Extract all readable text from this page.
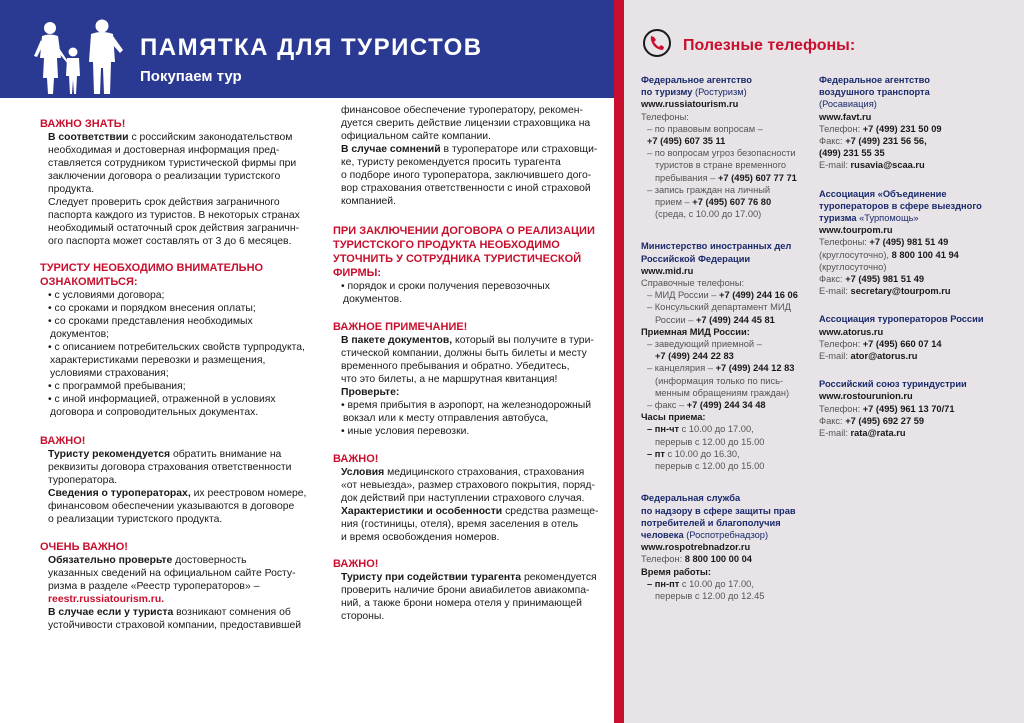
ПАМЯТКА ДЛЯ ТУРИСТОВ
Покупаем тур

ВАЖНО ЗНАТЬ!

В соответствии с российским законодательством

необходимая и достоверная информация пред-

ставляется сотрудником туристической фирмы при

заключении договора о реализации туристского

продукта.

Следует проверить срок действия заграничного

паспорта каждого из туристов. В некоторых странах

необходимый остаточный срок действия заграничн-

ого паспорта может составлять от 3 до 6 месяцев.

ТУРИСТУ НЕОБХОДИМО ВНИМАТЕЛЬНО

ОЗНАКОМИТЬСЯ:

• с условиями договора;

• со сроками и порядком внесения оплаты;

• со сроками представления необходимых

документов;

• с описанием потребительских свойств турпродукта,

характеристиками перевозки и размещения,

условиями страхования;

• с программой пребывания;

• с иной информацией, отраженной в условиях

договора и сопроводительных документах.

ВАЖНО!

Туристу рекомендуется обратить внимание на

реквизиты договора страхования ответственности

туроператора.

Сведения о туроператорах, их реестровом номере,

финансовом обеспечении указываются в договоре

о реализации туристского продукта.

ОЧЕНЬ ВАЖНО!

Обязательно проверьте достоверность

указанных сведений на официальном сайте Росту-

ризма в разделе «Реестр туроператоров» –

reestr.russiatourism.ru.

В случае если у туриста возникают сомнения об

устойчивости страховой компании, предоставившей

финансовое обеспечение туроператору, рекомен-

дуется сверить действие лицензии страховщика на

официальном сайте компании.

В случае сомнений в туроператоре или страховщи-

ке, туристу рекомендуется просить турагента

о подборе иного туроператора, заключившего дого-

вор страхования ответственности с иной страховой

компанией.

ПРИ ЗАКЛЮЧЕНИИ ДОГОВОРА О РЕАЛИЗАЦИИ

ТУРИСТСКОГО ПРОДУКТА НЕОБХОДИМО

УТОЧНИТЬ У СОТРУДНИКА ТУРИСТИЧЕСКОЙ

ФИРМЫ:

• порядок и сроки получения перевозочных

документов.

ВАЖНОЕ ПРИМЕЧАНИЕ!

В пакете документов, который вы получите в тури-

стической компании, должны быть билеты и месту

временного пребывания и обратно. Убедитесь,

что это билеты, а не маршрутная квитанция!

Проверьте:

• время прибытия в аэропорт, на железнодорожный

вокзал или к месту отправления автобуса,

• иные условия перевозки.

ВАЖНО!

Условия медицинского страхования, страхования

«от невыезда», размер страхового покрытия, поряд-

док действий при наступлении страхового случая.

Характеристики и особенности средства размеще-

ния (гостиницы, отеля), время заселения в отель

и время освобождения номеров.

ВАЖНО!

Туристу при содействии турагента рекомендуется

проверить наличие брони авиабилетов авиакомпа-

ний, а также брони номера отеля у принимающей

стороны.

Полезные телефоны:

Федеральное агентство

по туризму (Ростуризм)

www.russiatourism.ru

Телефоны:

– по правовым вопросам –

+7 (495) 607 35 11

– по вопросам угроз безопасности

туристов в стране временного

пребывания – +7 (495) 607 77 71

– запись граждан на личный

прием – +7 (495) 607 76 80

(среда, с 10.00 до 17.00)

Министерство иностранных дел

Российской Федерации

www.mid.ru

Справочные телефоны:

– МИД России – +7 (499) 244 16 06

– Консульский департамент МИД

России – +7 (499) 244 45 81

Приемная МИД России:

– заведующий приемной –

+7 (499) 244 22 83

– канцелярия – +7 (499) 244 12 83

(информация только по пись-

менным обращениям граждан)

– факс – +7 (499) 244 34 48

Часы приема:

– пн-чт с 10.00 до 17.00,

перерыв с 12.00 до 15.00

– пт с 10.00 до 16.30,

перерыв с 12.00 до 15.00

Федеральная служба

по надзору в сфере защиты прав

потребителей и благополучия

человека (Роспотребнадзор)

www.rospotrebnadzor.ru

Телефон: 8 800 100 00 04

Время работы:

– пн-пт с 10.00 до 17.00,

перерыв с 12.00 до 12.45

Федеральное агентство

воздушного транспорта

(Росавиация)

www.favt.ru

Телефон: +7 (499) 231 50 09

Факс: +7 (499) 231 56 56,

(499) 231 55 35

E-mail: rusavia@scaa.ru

Ассоциация «Объединение

туроператоров в сфере выездного

туризма «Турпомощь»

www.tourpom.ru

Телефоны: +7 (495) 981 51 49

(круглосуточно), 8 800 100 41 94

(круглосуточно)

Факс: +7 (495) 981 51 49

E-mail: secretary@tourpom.ru

Ассоциация туроператоров России

www.atorus.ru

Телефон: +7 (495) 660 07 14

E-mail: ator@atorus.ru

Российский союз туриндустрии

www.rostourunion.ru

Телефон: +7 (495) 961 13 70/71

Факс: +7 (495) 692 27 59

E-mail: rata@rata.ru
